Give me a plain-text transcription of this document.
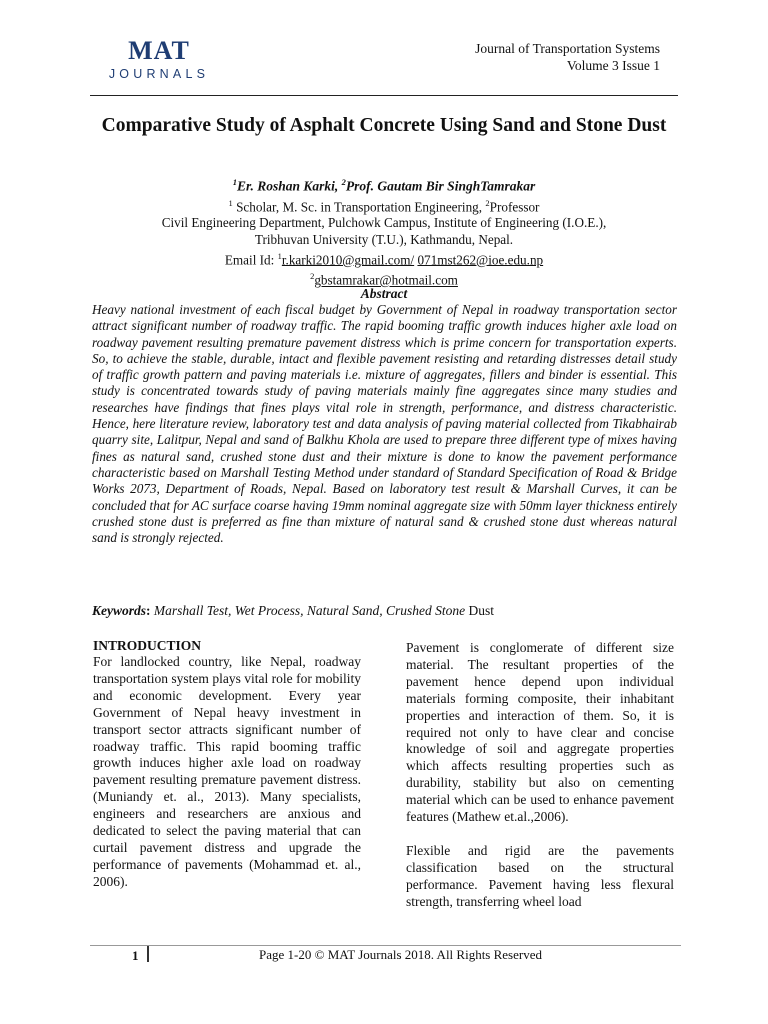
MAT
JOURNALS
Journal of Transportation Systems
Volume 3 Issue 1
Comparative Study of Asphalt Concrete Using Sand and Stone Dust
$^1$Er. Roshan Karki, $^2$Prof. Gautam Bir SinghTamrakar
$^1$ Scholar, M. Sc. in Transportation Engineering, $^2$Professor
Civil Engineering Department, Pulchowk Campus, Institute of Engineering (I.O.E.),
Tribhuvan University (T.U.), Kathmandu, Nepal.
Email Id: $^1$r.karki2010@gmail.com/ 071mst262@ioe.edu.np
$^2$gbstamrakar@hotmail.com
Abstract

Heavy national investment of each fiscal budget by Government of Nepal in roadway transportation sector attract significant number of roadway traffic. The rapid booming traffic growth induces higher axle load on roadway pavement resulting premature pavement distress which is prime concern for transportation experts. So, to achieve the stable, durable, intact and flexible pavement resisting and retarding distresses detail study of traffic growth pattern and paving materials i.e. mixture of aggregates, fillers and binder is essential. This study is concentrated towards study of paving materials mainly fine aggregates since many studies and researches have findings that fines plays vital role in strength, performance, and distress characteristic. Hence, here literature review, laboratory test and data analysis of paving material collected from Tikabhairab quarry site, Lalitpur, Nepal and sand of Balkhu Khola are used to prepare three different type of mixes having fines as natural sand, crushed stone dust and their mixture is done to know the pavement performance characteristic based on Marshall Testing Method under standard of Standard Specification of Road & Bridge Works 2073, Department of Roads, Nepal. Based on laboratory test result & Marshall Curves, it can be concluded that for AC surface coarse having 19mm nominal aggregate size with 50mm layer thickness entirely crushed stone dust is preferred as fine than mixture of natural sand & crushed stone dust whereas natural sand is strongly rejected.

Keywords: Marshall Test, Wet Process, Natural Sand, Crushed Stone Dust

INTRODUCTION

For landlocked country, like Nepal, roadway transportation system plays vital role for mobility and economic development. Every year Government of Nepal heavy investment in transport sector attracts significant number of roadway traffic. This rapid booming traffic growth induces higher axle load on roadway pavement resulting premature pavement distress. (Muniandy et. al., 2013). Many specialists, engineers and researchers are anxious and dedicated to select the paving material that can curtail pavement distress and upgrade the performance of pavements (Mohammad et. al., 2006).

Pavement is conglomerate of different size material. The resultant properties of the pavement hence depend upon individual materials forming composite, their inhabitant properties and interaction of them. So, it is required not only to have clear and concise knowledge of soil and aggregate properties which affects resulting properties such as durability, stability but also on cementing material which can be used to enhance pavement features (Mathew et.al.,2006).

Flexible and rigid are the pavements classification based on the structural performance. Pavement having less flexural strength, transferring wheel load

1	Page 1-20 © MAT Journals 2018. All Rights Reserved
